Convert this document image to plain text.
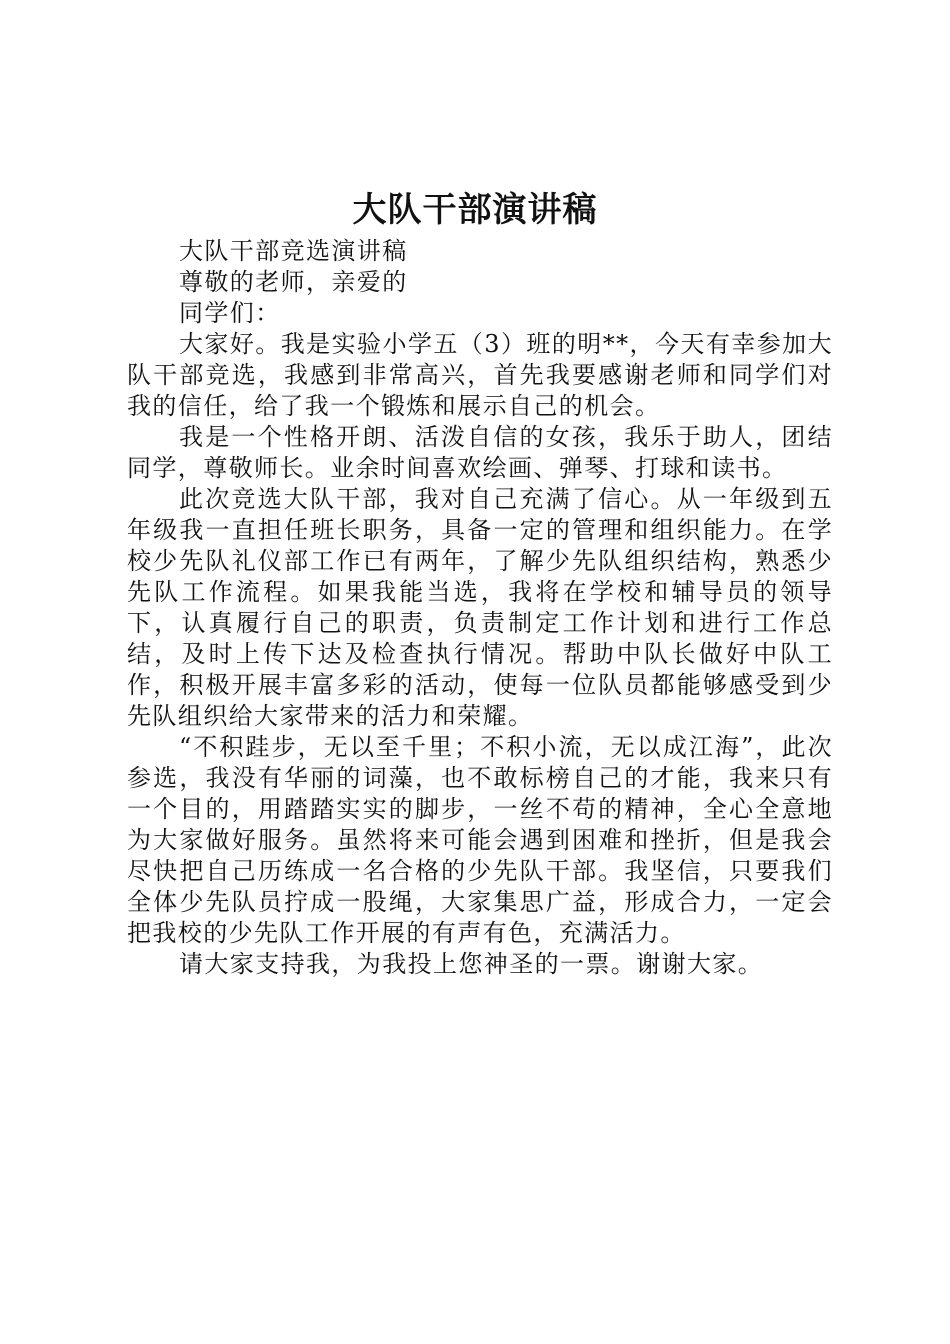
大队干部演讲稿

大队干部竞选演讲稿

尊敬的老师，亲爱的

同学们：

大家好。我是实验小学五（3）班的明**，今天有幸参加大队干部竞选，我感到非常高兴，首先我要感谢老师和同学们对我的信任，给了我一个锻炼和展示自己的机会。

我是一个性格开朗、活泼自信的女孩，我乐于助人，团结同学，尊敬师长。业余时间喜欢绘画、弹琴、打球和读书。

此次竞选大队干部，我对自己充满了信心。从一年级到五年级我一直担任班长职务，具备一定的管理和组织能力。在学校少先队礼仪部工作已有两年，了解少先队组织结构，熟悉少先队工作流程。如果我能当选，我将在学校和辅导员的领导下，认真履行自己的职责，负责制定工作计划和进行工作总结，及时上传下达及检查执行情况。帮助中队长做好中队工作，积极开展丰富多彩的活动，使每一位队员都能够感受到少先队组织给大家带来的活力和荣耀。

“不积跬步，无以至千里；不积小流，无以成江海”，此次参选，我没有华丽的词藻，也不敢标榜自己的才能，我来只有一个目的，用踏踏实实的脚步，一丝不苟的精神，全心全意地为大家做好服务。虽然将来可能会遇到困难和挫折，但是我会尽快把自己历练成一名合格的少先队干部。我坚信，只要我们全体少先队员拧成一股绳，大家集思广益，形成合力，一定会把我校的少先队工作开展的有声有色，充满活力。

请大家支持我，为我投上您神圣的一票。谢谢大家。
